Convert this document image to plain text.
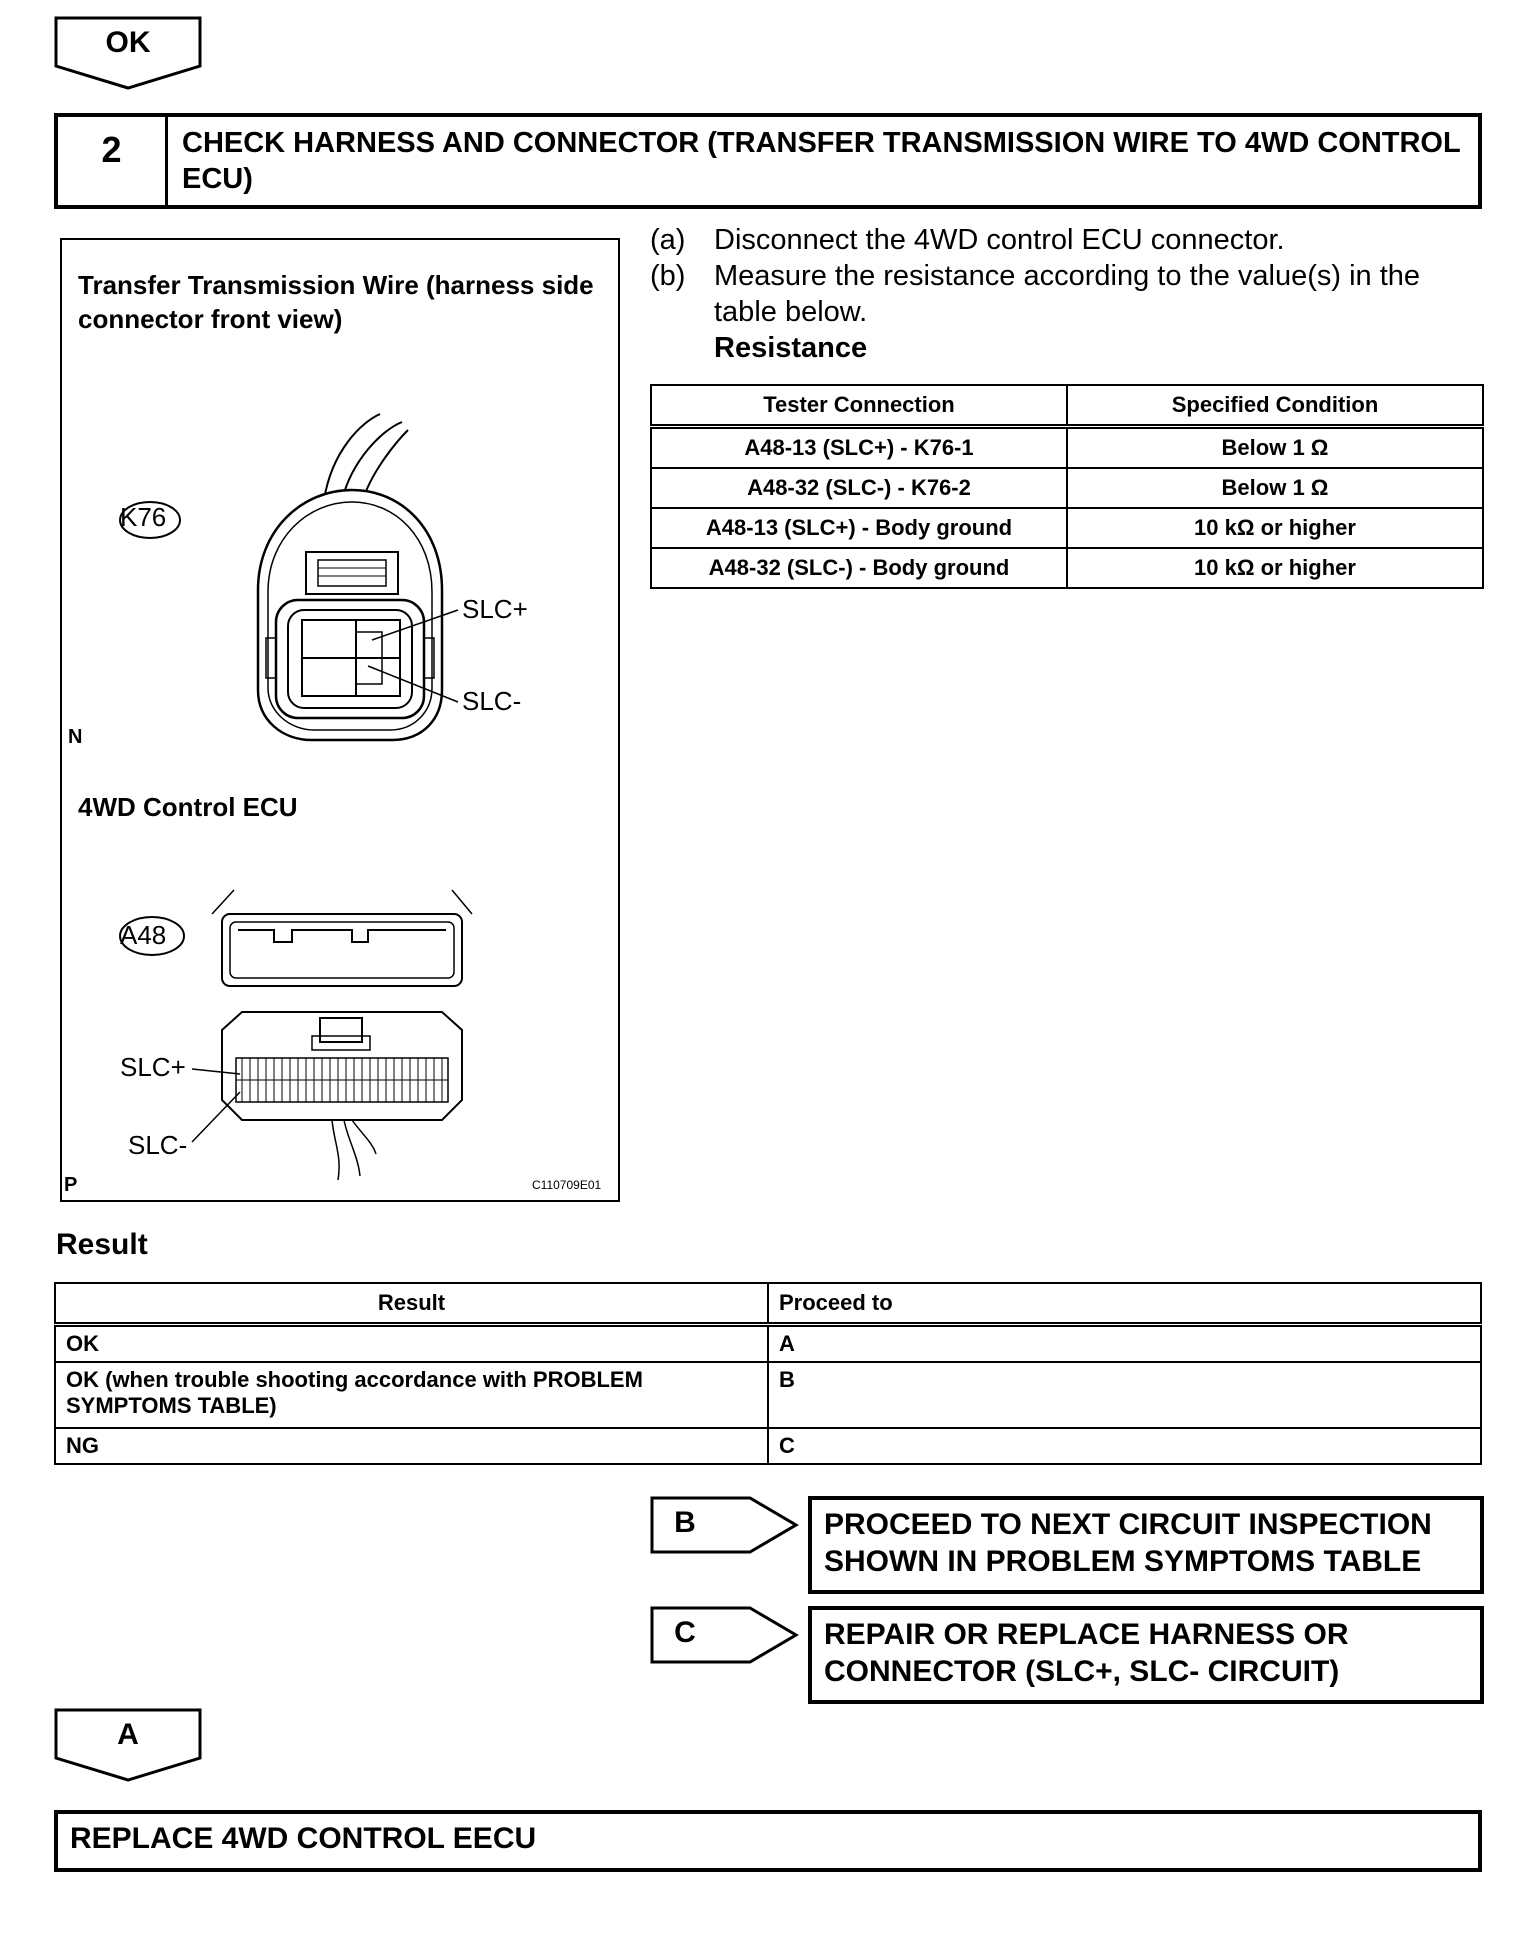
OK
2	CHECK HARNESS AND CONNECTOR (TRANSFER TRANSMISSION WIRE TO 4WD CONTROL ECU)
Transfer Transmission Wire (harness side connector front view)
K76
SLC+
SLC-
N
4WD Control ECU
A48
SLC+
SLC-
P	C110709E01
(a) Disconnect the 4WD control ECU connector.
(b) Measure the resistance according to the value(s) in the table below.
Resistance
Tester Connection	Specified Condition
A48-13 (SLC+) - K76-1	Below 1 Ω
A48-32 (SLC-) - K76-2	Below 1 Ω
A48-13 (SLC+) - Body ground	10 kΩ or higher
A48-32 (SLC-) - Body ground	10 kΩ or higher
Result
Result	Proceed to
OK	A
OK (when trouble shooting accordance with PROBLEM SYMPTOMS TABLE)	B
NG	C
B	PROCEED TO NEXT CIRCUIT INSPECTION SHOWN IN PROBLEM SYMPTOMS TABLE
C	REPAIR OR REPLACE HARNESS OR CONNECTOR (SLC+, SLC- CIRCUIT)
A
REPLACE 4WD CONTROL EECU
